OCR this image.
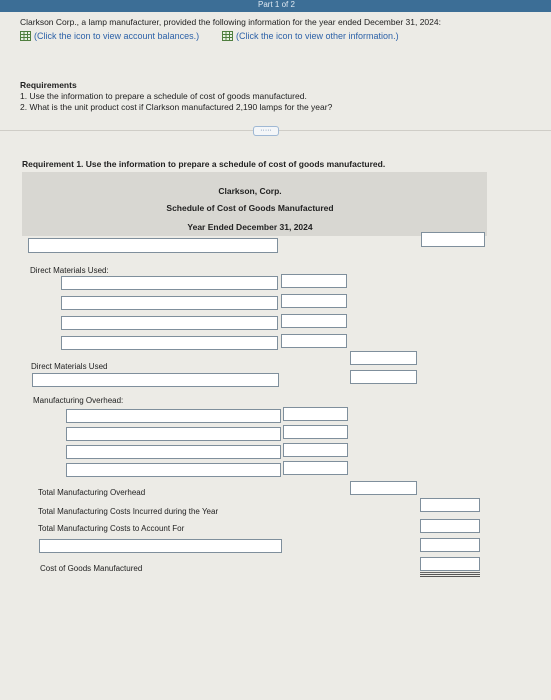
Part 1 of 2
Clarkson Corp., a lamp manufacturer, provided the following information for the year ended December 31, 2024:
(Click the icon to view account balances.)	(Click the icon to view other information.)
Requirements
1. Use the information to prepare a schedule of cost of goods manufactured.
2. What is the unit product cost if Clarkson manufactured 2,190 lamps for the year?
·····
Requirement 1. Use the information to prepare a schedule of cost of goods manufactured.
Clarkson, Corp.
Schedule of Cost of Goods Manufactured
Year Ended December 31, 2024
Direct Materials Used:
Direct Materials Used
Manufacturing Overhead:
Total Manufacturing Overhead
Total Manufacturing Costs Incurred during the Year
Total Manufacturing Costs to Account For
Cost of Goods Manufactured
